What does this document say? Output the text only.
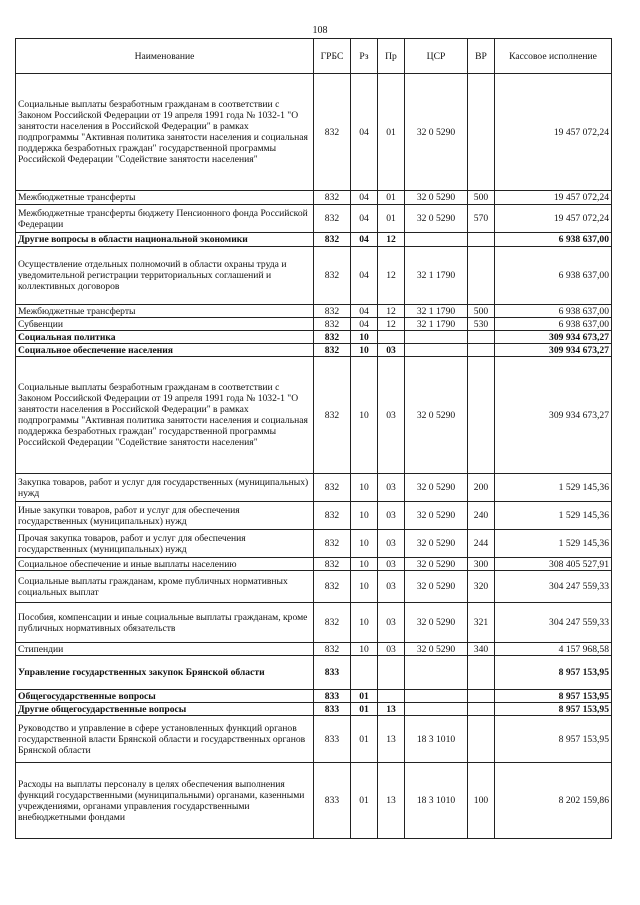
108
Наименование	ГРБС	Рз	Пр	ЦСР	ВР	Кассовое исполнение
Социальные выплаты безработным гражданам в соответствии с Законом Российской Федерации от 19 апреля 1991 года № 1032-1 "О занятости населения в Российской Федерации" в рамках подпрограммы "Активная политика занятости населения и социальная поддержка безработных граждан" государственной программы Российской Федерации "Содействие занятости населения"	832	04	01	32 0 5290		19 457 072,24
Межбюджетные трансферты	832	04	01	32 0 5290	500	19 457 072,24
Межбюджетные трансферты бюджету Пенсионного фонда Российской Федерации	832	04	01	32 0 5290	570	19 457 072,24
Другие вопросы в области национальной экономики	832	04	12			6 938 637,00
Осуществление отдельных полномочий в области охраны труда и уведомительной регистрации территориальных соглашений и коллективных договоров	832	04	12	32 1 1790		6 938 637,00
Межбюджетные трансферты	832	04	12	32 1 1790	500	6 938 637,00
Субвенции	832	04	12	32 1 1790	530	6 938 637,00
Социальная политика	832	10				309 934 673,27
Социальное обеспечение населения	832	10	03			309 934 673,27
Социальные выплаты безработным гражданам в соответствии с Законом Российской Федерации от 19 апреля 1991 года № 1032-1 "О занятости населения в Российской Федерации" в рамках подпрограммы "Активная политика занятости населения и социальная поддержка безработных граждан" государственной программы Российской Федерации "Содействие занятости населения"	832	10	03	32 0 5290		309 934 673,27
Закупка товаров, работ и услуг для государственных (муниципальных) нужд	832	10	03	32 0 5290	200	1 529 145,36
Иные закупки товаров, работ и услуг для обеспечения государственных (муниципальных) нужд	832	10	03	32 0 5290	240	1 529 145,36
Прочая закупка товаров, работ и услуг для обеспечения государственных (муниципальных) нужд	832	10	03	32 0 5290	244	1 529 145,36
Социальное обеспечение и иные выплаты населению	832	10	03	32 0 5290	300	308 405 527,91
Социальные выплаты гражданам, кроме публичных нормативных социальных выплат	832	10	03	32 0 5290	320	304 247 559,33
Пособия, компенсации и иные социальные выплаты гражданам, кроме публичных нормативных обязательств	832	10	03	32 0 5290	321	304 247 559,33
Стипендии	832	10	03	32 0 5290	340	4 157 968,58
Управление государственных закупок Брянской области	833					8 957 153,95
Общегосударственные вопросы	833	01				8 957 153,95
Другие общегосударственные вопросы	833	01	13			8 957 153,95
Руководство и управление в сфере установленных функций органов государственной власти Брянской области и государственных органов Брянской области	833	01	13	18 3 1010		8 957 153,95
Расходы на выплаты персоналу в целях обеспечения выполнения функций государственными (муниципальными) органами, казенными учреждениями, органами управления государственными внебюджетными фондами	833	01	13	18 3 1010	100	8 202 159,86
